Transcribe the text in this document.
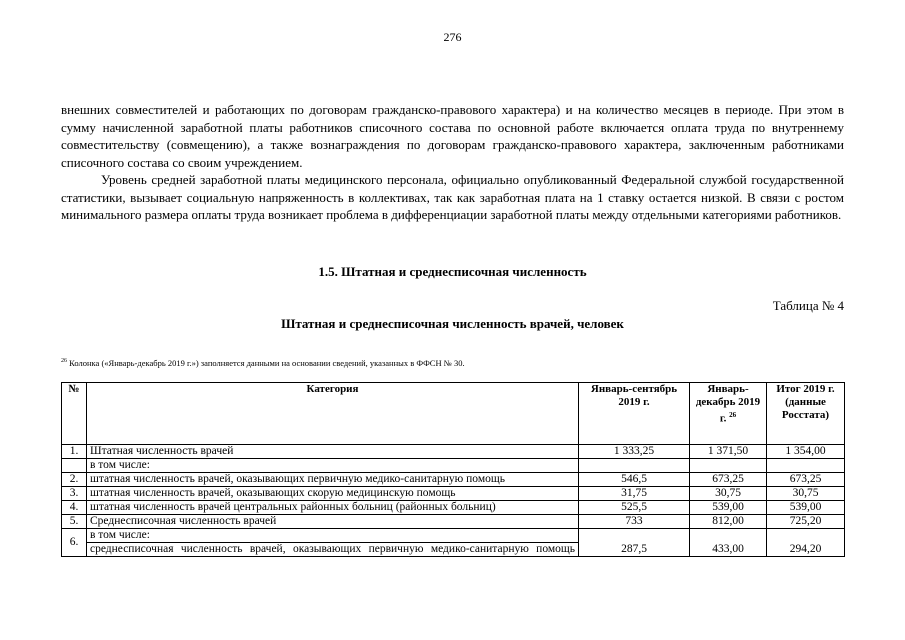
276
внешних совместителей и работающих по договорам гражданско-правового характера) и на количество месяцев в периоде. При этом в сумму начисленной заработной платы работников списочного состава по основной работе включается оплата труда по внутреннему совместительству (совмещению), а также вознаграждения по договорам гражданско-правового характера, заключенным работниками списочного состава со своим учреждением.
Уровень средней заработной платы медицинского персонала, официально опубликованный Федеральной службой государственной статистики, вызывает социальную напряженность в коллективах, так как заработная плата на 1 ставку остается низкой. В связи с ростом минимального размера оплаты труда возникает проблема в дифференциации заработной платы между отдельными категориями работников.
1.5. Штатная и среднесписочная численность
Таблица № 4
Штатная и среднесписочная численность врачей, человек
$^{26}$ Колонка («Январь-декабрь 2019 г.») заполняется данными на основании сведений, указанных в ФФСН № 30.
№	Категория	Январь-сентябрь 2019 г.	Январь-декабрь 2019 г. $^{26}$	Итог 2019 г. (данные Росстата)
1.	Штатная численность врачей	1 333,25	1 371,50	1 354,00
	в том числе:			
2.	штатная численность врачей, оказывающих первичную медико-санитарную помощь	546,5	673,25	673,25
3.	штатная численность врачей, оказывающих скорую медицинскую помощь	31,75	30,75	30,75
4.	штатная численность врачей центральных районных больниц (районных больниц)	525,5	539,00	539,00
5.	Среднесписочная численность врачей	733	812,00	725,20
6.	в том числе:
среднесписочная численность врачей, оказывающих первичную медико-санитарную помощь	287,5	433,00	294,20
